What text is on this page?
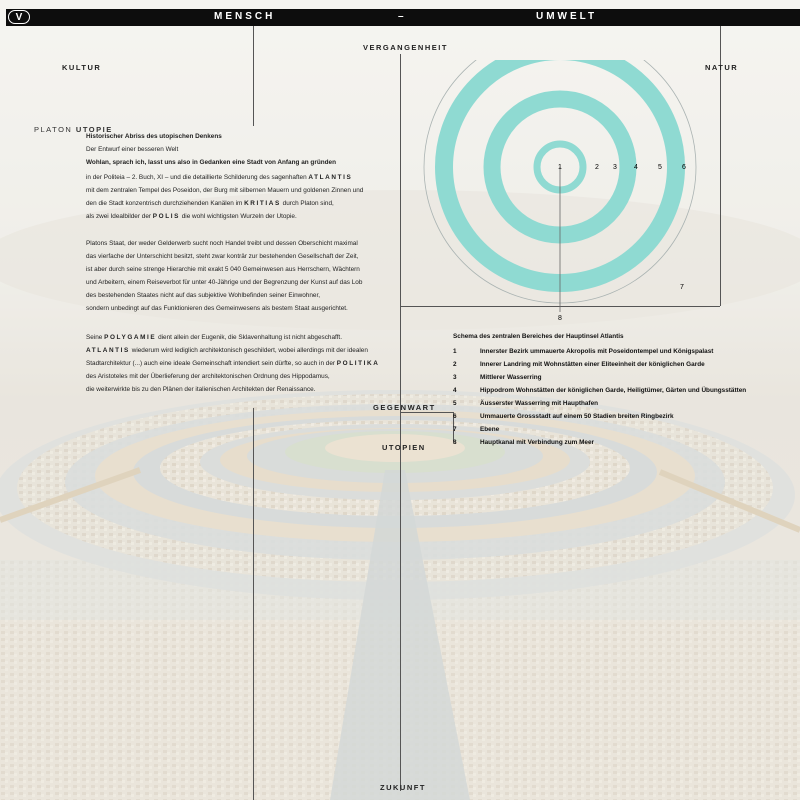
V	MENSCH	–	UMWELT
VERGANGENHEIT
KULTUR	NATUR
GEGENWART
UTOPIEN
ZUKUNFT
PLATON UTOPIE
Historischer Abriss des utopischen Denkens
Der Entwurf einer besseren Welt
Wohlan, sprach ich, lasst uns also in Gedanken eine Stadt von Anfang an gründen
in der Politeia – 2. Buch, XI – und die detaillierte Schilderung des sagenhaften ATLANTIS
mit dem zentralen Tempel des Poseidon, der Burg mit silbernen Mauern und goldenen Zinnen und
den die Stadt konzentrisch durchziehenden Kanälen im KRITIAS durch Platon sind,
als zwei Idealbilder der POLIS die wohl wichtigsten Wurzeln der Utopie.
Platons Staat, der weder Gelderwerb sucht noch Handel treibt und dessen Oberschicht maximal
das vierfache der Unterschicht besitzt, steht zwar konträr zur bestehenden Gesellschaft der Zeit,
ist aber durch seine strenge Hierarchie mit exakt 5 040 Gemeinwesen aus Herrschern, Wächtern
und Arbeitern, einem Reiseverbot für unter 40-Jährige und der Begrenzung der Kunst auf das Lob
des bestehenden Staates nicht auf das subjektive Wohlbefinden seiner Einwohner,
sondern unbedingt auf das Funktionieren des Gemeinwesens als bestem Staat ausgerichtet.
Seine POLYGAMIE dient allein der Eugenik, die Sklavenhaltung ist nicht abgeschafft.
ATLANTIS wiederum wird lediglich architektonisch geschildert, wobei allerdings mit der idealen
Stadtarchitektur (...) auch eine ideale Gemeinschaft intendiert sein dürfte, so auch in der POLITIKA
des Aristoteles mit der Überlieferung der architektonischen Ordnung des Hippodamus,
die weiterwirkte bis zu den Plänen der italienischen Architekten der Renaissance.
1	2 3 4	5	6
7
8
Schema des zentralen Bereiches der Hauptinsel Atlantis
1	Innerster Bezirk ummauerte Akropolis mit Poseidontempel und Königspalast
2	Innerer Landring mit Wohnstätten einer Eliteeinheit der königlichen Garde
3	Mittlerer Wasserring
4	Hippodrom Wohnstätten der königlichen Garde, Heiligtümer, Gärten und Übungsstätten
5	Äusserster Wasserring mit Haupthafen
6	Ummauerte Grossstadt auf einem 50 Stadien breiten Ringbezirk
7	Ebene
8	Hauptkanal mit Verbindung zum Meer
